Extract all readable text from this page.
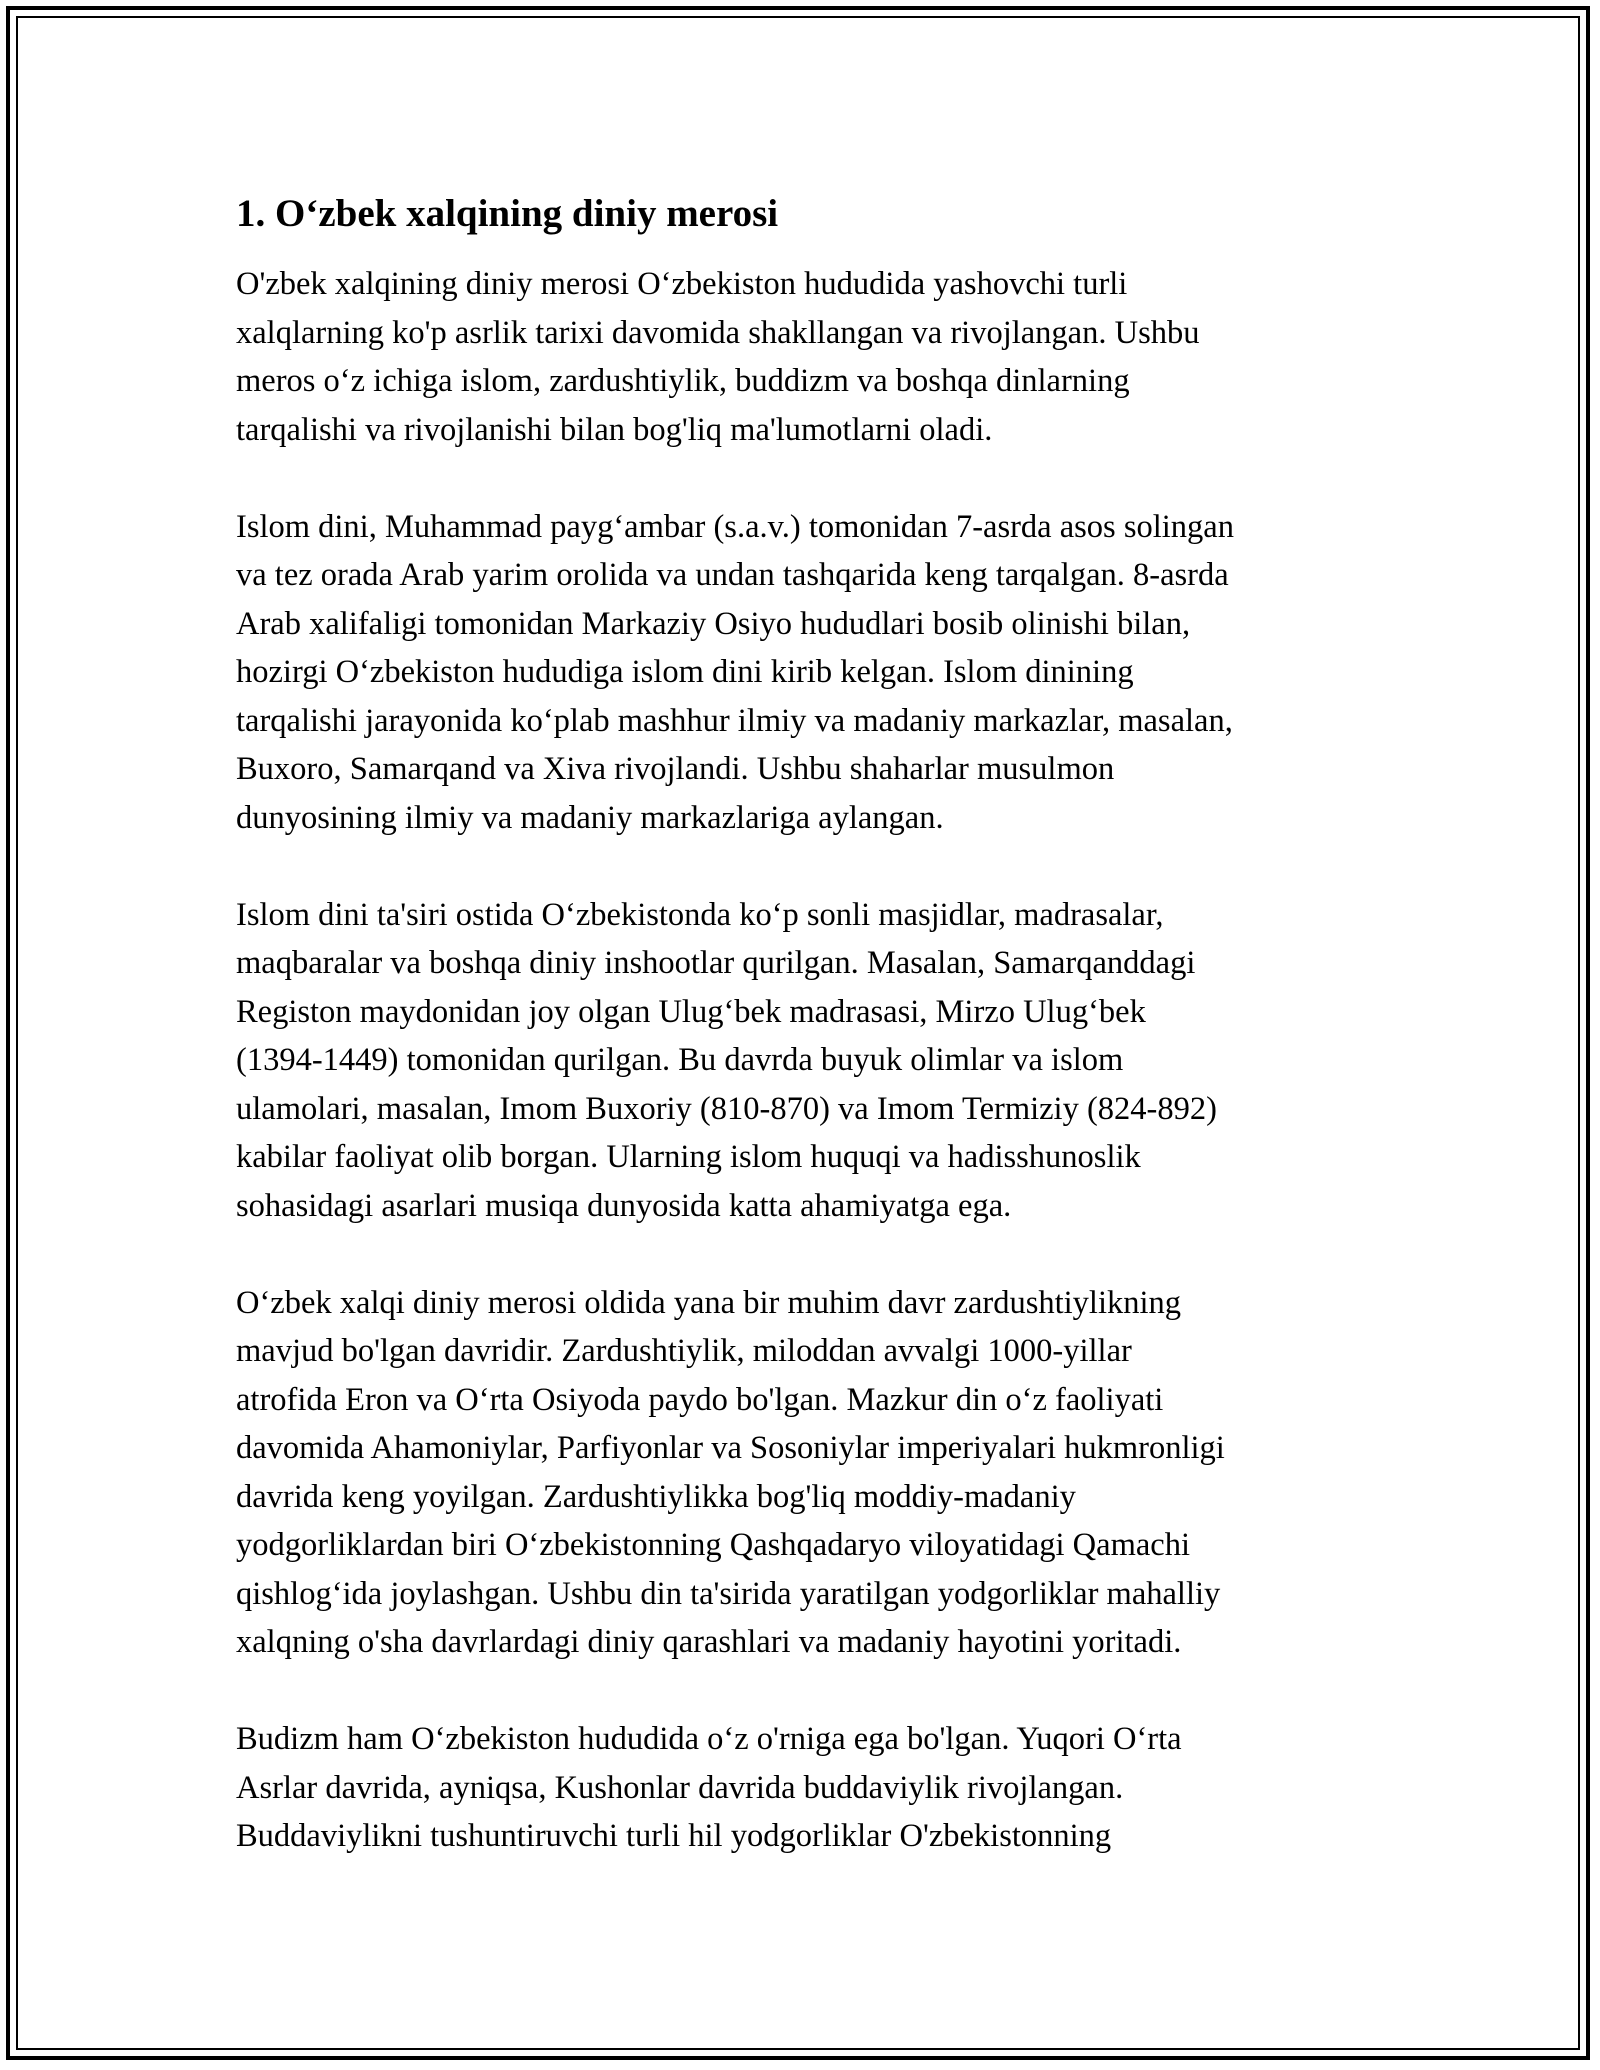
1. O‘zbek xalqining diniy merosi

O'zbek xalqining diniy merosi O‘zbekiston hududida yashovchi turli
xalqlarning ko'p asrlik tarixi davomida shakllangan va rivojlangan. Ushbu
meros o‘z ichiga islom, zardushtiylik, buddizm va boshqa dinlarning
tarqalishi va rivojlanishi bilan bog'liq ma'lumotlarni oladi.

Islom dini, Muhammad payg‘ambar (s.a.v.) tomonidan 7-asrda asos solingan
va tez orada Arab yarim orolida va undan tashqarida keng tarqalgan. 8-asrda
Arab xalifaligi tomonidan Markaziy Osiyo hududlari bosib olinishi bilan,
hozirgi O‘zbekiston hududiga islom dini kirib kelgan. Islom dinining
tarqalishi jarayonida ko‘plab mashhur ilmiy va madaniy markazlar, masalan,
Buxoro, Samarqand va Xiva rivojlandi. Ushbu shaharlar musulmon
dunyosining ilmiy va madaniy markazlariga aylangan.

Islom dini ta'siri ostida O‘zbekistonda ko‘p sonli masjidlar, madrasalar,
maqbaralar va boshqa diniy inshootlar qurilgan. Masalan, Samarqanddagi
Registon maydonidan joy olgan Ulug‘bek madrasasi, Mirzo Ulug‘bek
(1394-1449) tomonidan qurilgan. Bu davrda buyuk olimlar va islom
ulamolari, masalan, Imom Buxoriy (810-870) va Imom Termiziy (824-892)
kabilar faoliyat olib borgan. Ularning islom huquqi va hadisshunoslik
sohasidagi asarlari musiqa dunyosida katta ahamiyatga ega.

O‘zbek xalqi diniy merosi oldida yana bir muhim davr zardushtiylikning
mavjud bo'lgan davridir. Zardushtiylik, miloddan avvalgi 1000-yillar
atrofida Eron va O‘rta Osiyoda paydo bo'lgan. Mazkur din o‘z faoliyati
davomida Ahamoniylar, Parfiyonlar va Sosoniylar imperiyalari hukmronligi
davrida keng yoyilgan. Zardushtiylikka bog'liq moddiy-madaniy
yodgorliklardan biri O‘zbekistonning Qashqadaryo viloyatidagi Qamachi
qishlog‘ida joylashgan. Ushbu din ta'sirida yaratilgan yodgorliklar mahalliy
xalqning o'sha davrlardagi diniy qarashlari va madaniy hayotini yoritadi.

Budizm ham O‘zbekiston hududida o‘z o'rniga ega bo'lgan. Yuqori O‘rta
Asrlar davrida, ayniqsa, Kushonlar davrida buddaviylik rivojlangan.
Buddaviylikni tushuntiruvchi turli hil yodgorliklar O'zbekistonning
